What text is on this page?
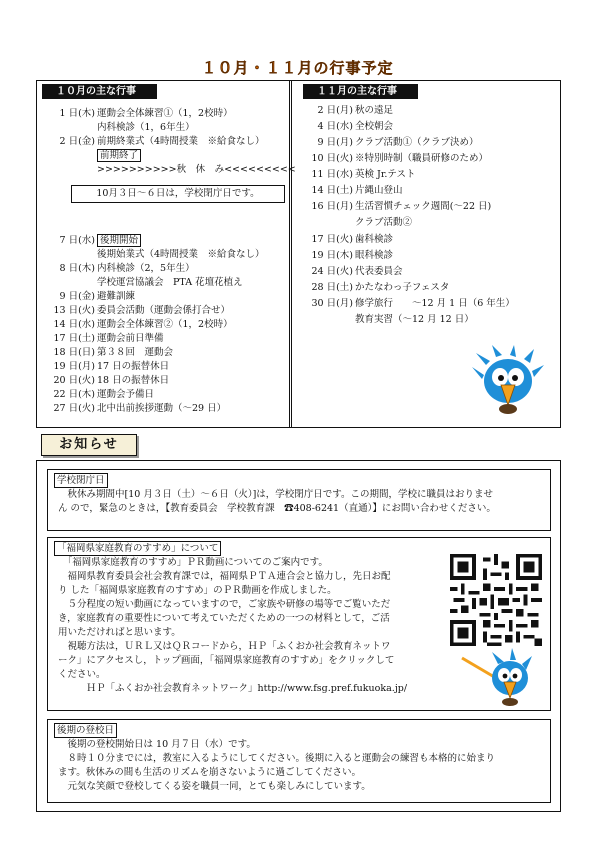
１０月・１１月の行事予定
１０月の主な行事
1 日(木) 運動会全体練習①（1，2校時）
内科検診（1，6年生）
2 日(金) 前期終業式（4時間授業　※給食なし）
前期終了
>>>>>>>>>>秋　休　み<<<<<<<<<
7 日(水) 後期開始
後期始業式（4時間授業　※給食なし）
8 日(木) 内科検診（2，5年生）
学校運営協議会　PTA 花壇花植え
9 日(金) 避難訓練
13 日(火) 委員会活動（運動会係打合せ）
14 日(水) 運動会全体練習②（1，2校時）
17 日(土) 運動会前日準備
18 日(日) 第３８回　運動会
19 日(月) 17 日の振替休日
20 日(火) 18 日の振替休日
22 日(木) 運動会予備日
27 日(火) 北中出前挨拶運動（～29 日）
10月３日～６日は，学校閉庁日です。
１１月の主な行事
2 日(月) 秋の遠足
4 日(水) 全校朝会
9 日(月) クラブ活動①（クラブ決め）
10 日(火) ※特別時制（職員研修のため）
11 日(水) 英検 Jr.テスト
14 日(土) 片縄山登山
16 日(月) 生活習慣チェック週間(～22 日)
クラブ活動②
17 日(火) 歯科検診
19 日(木) 眼科検診
24 日(火) 代表委員会
28 日(土) かたなわっ子フェスタ
30 日(月) 修学旅行　　～12 月 1 日（6 年生）
教育実習（～12 月 12 日）
お知らせ
学校閉庁日

　秋休み期間中[10 月３日（土）～６日（火）]は，学校閉庁日です。この期間，学校に職員はおりませ

ん ので，緊急のときは，【教育委員会　学校教育課　☎408-6241（直通）】にお問い合わせください。

「福岡県家庭教育のすすめ」について

　「福岡県家庭教育のすすめ」ＰＲ動画についてのご案内です。

　福岡県教育委員会社会教育課では，福岡県ＰＴＡ連合会と協力し，先日お配

り した「福岡県家庭教育のすすめ」のＰＲ動画を作成しました。

　５分程度の短い動画になっていますので，ご家族や研修の場等でご覧いただ

き，家庭教育の重要性について考えていただくための一つの材料として，ご活

用いただければと思います。

　視聴方法は，ＵＲＬ又はＱＲコードから，ＨＰ「ふくおか社会教育ネットワ

ーク」にアクセスし，トップ画面，「福岡県家庭教育のすすめ」をクリックして

ください。

　　　ＨＰ「ふくおか社会教育ネットワーク」http://www.fsg.pref.fukuoka.jp/

後期の登校日

　後期の登校開始日は 10 月７日（水）です。

　８時１０分までには，教室に入るようにしてください。後期に入ると運動会の練習も本格的に始まり

ます。秋休みの間も生活のリズムを崩さないように過ごしてください。

　元気な笑顔で登校してくる姿を職員一同，とても楽しみにしています。
